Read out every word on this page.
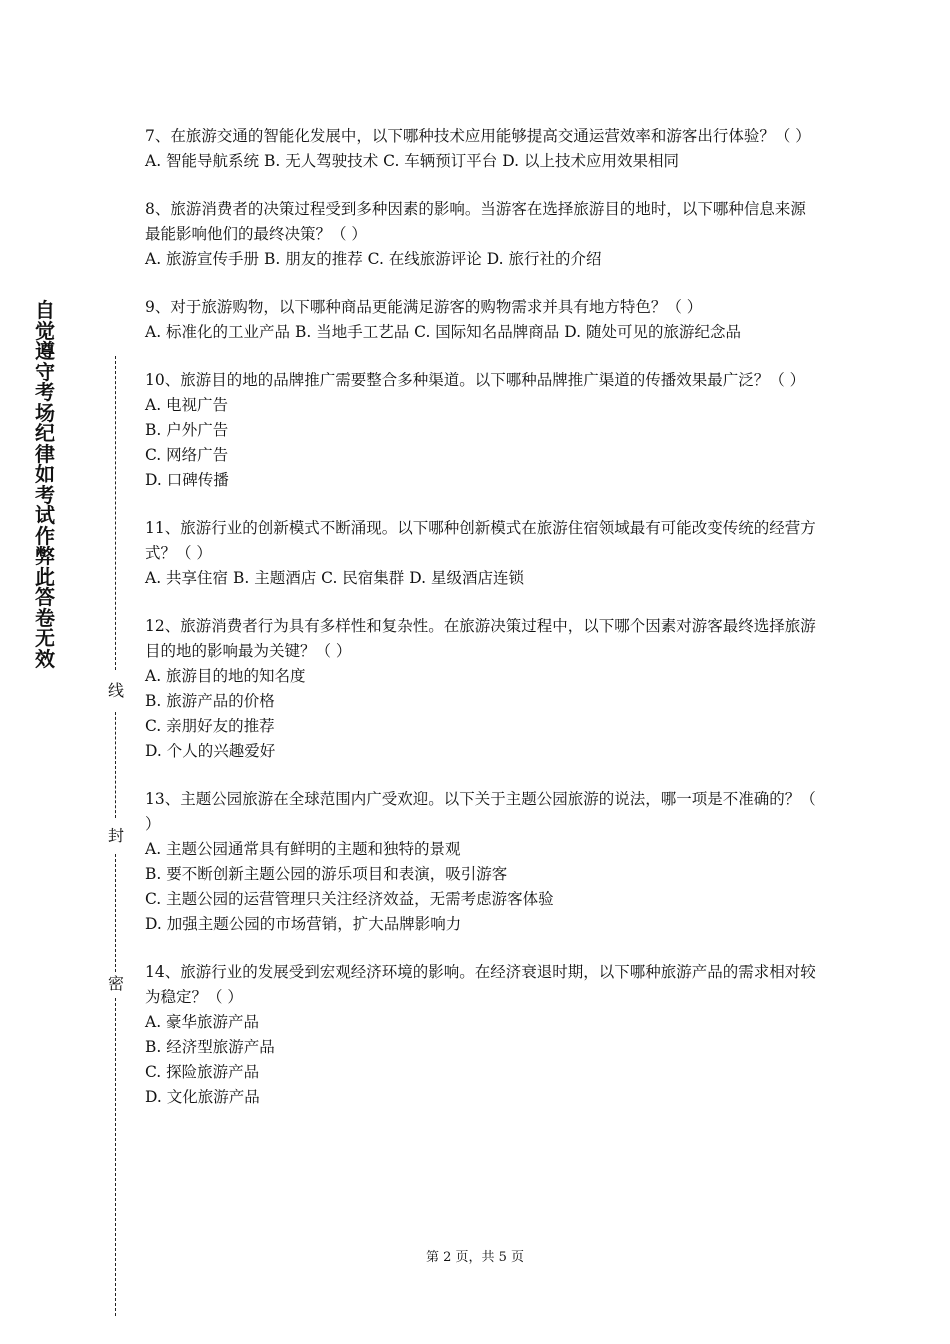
自觉遵守考场纪律如考试作弊此答卷无效
线
封
密

7、在旅游交通的智能化发展中，以下哪种技术应用能够提高交通运营效率和游客出行体验？（ ）

A. 智能导航系统 B. 无人驾驶技术 C. 车辆预订平台 D. 以上技术应用效果相同

8、旅游消费者的决策过程受到多种因素的影响。当游客在选择旅游目的地时，以下哪种信息来源最能影响他们的最终决策？（ ）

A. 旅游宣传手册 B. 朋友的推荐 C. 在线旅游评论 D. 旅行社的介绍

9、对于旅游购物，以下哪种商品更能满足游客的购物需求并具有地方特色？（ ）

A. 标准化的工业产品 B. 当地手工艺品 C. 国际知名品牌商品 D. 随处可见的旅游纪念品

10、旅游目的地的品牌推广需要整合多种渠道。以下哪种品牌推广渠道的传播效果最广泛？（ ）

A. 电视广告

B. 户外广告

C. 网络广告

D. 口碑传播

11、旅游行业的创新模式不断涌现。以下哪种创新模式在旅游住宿领域最有可能改变传统的经营方式？（ ）

A. 共享住宿 B. 主题酒店 C. 民宿集群 D. 星级酒店连锁

12、旅游消费者行为具有多样性和复杂性。在旅游决策过程中，以下哪个因素对游客最终选择旅游目的地的影响最为关键？（ ）

A. 旅游目的地的知名度

B. 旅游产品的价格

C. 亲朋好友的推荐

D. 个人的兴趣爱好

13、主题公园旅游在全球范围内广受欢迎。以下关于主题公园旅游的说法，哪一项是不准确的？（ ）

A. 主题公园通常具有鲜明的主题和独特的景观

B. 要不断创新主题公园的游乐项目和表演，吸引游客

C. 主题公园的运营管理只关注经济效益，无需考虑游客体验

D. 加强主题公园的市场营销，扩大品牌影响力

14、旅游行业的发展受到宏观经济环境的影响。在经济衰退时期，以下哪种旅游产品的需求相对较为稳定？（ ）

A. 豪华旅游产品

B. 经济型旅游产品

C. 探险旅游产品

D. 文化旅游产品

第 2 页，共 5 页
